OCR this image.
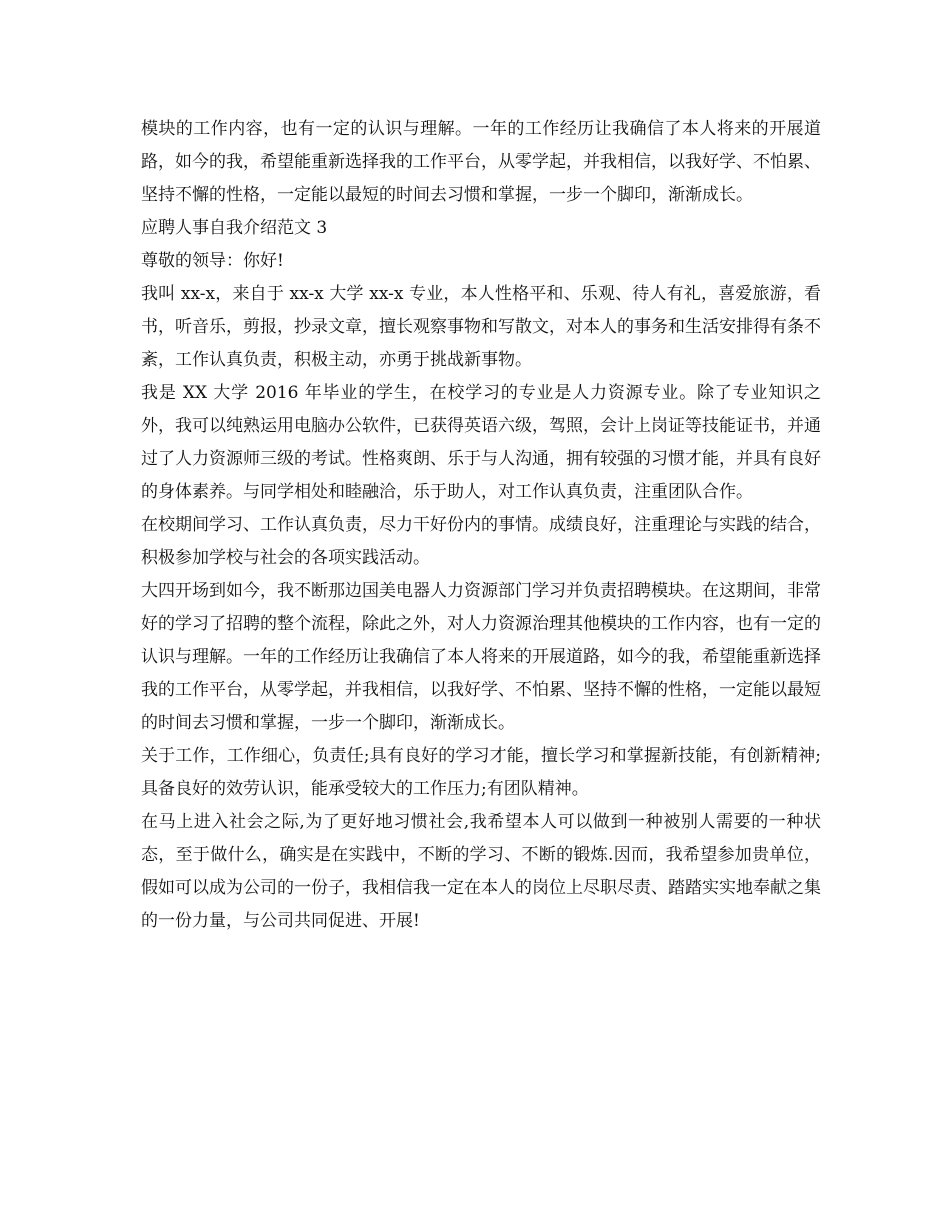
模块的工作内容，也有一定的认识与理解。一年的工作经历让我确信了本人将来的开展道路，如今的我，希望能重新选择我的工作平台，从零学起，并我相信，以我好学、不怕累、坚持不懈的性格，一定能以最短的时间去习惯和掌握，一步一个脚印，渐渐成长。

应聘人事自我介绍范文 3

尊敬的领导：你好!

我叫 xx-x，来自于 xx-x 大学 xx-x 专业，本人性格平和、乐观、待人有礼，喜爱旅游，看书，听音乐，剪报，抄录文章，擅长观察事物和写散文，对本人的事务和生活安排得有条不紊，工作认真负责，积极主动，亦勇于挑战新事物。

我是 XX 大学 2016 年毕业的学生，在校学习的专业是人力资源专业。除了专业知识之外，我可以纯熟运用电脑办公软件，已获得英语六级，驾照，会计上岗证等技能证书，并通过了人力资源师三级的考试。性格爽朗、乐于与人沟通，拥有较强的习惯才能，并具有良好的身体素养。与同学相处和睦融洽，乐于助人，对工作认真负责，注重团队合作。

在校期间学习、工作认真负责，尽力干好份内的事情。成绩良好，注重理论与实践的结合，积极参加学校与社会的各项实践活动。

大四开场到如今，我不断那边国美电器人力资源部门学习并负责招聘模块。在这期间，非常好的学习了招聘的整个流程，除此之外，对人力资源治理其他模块的工作内容，也有一定的认识与理解。一年的工作经历让我确信了本人将来的开展道路，如今的我，希望能重新选择我的工作平台，从零学起，并我相信，以我好学、不怕累、坚持不懈的性格，一定能以最短的时间去习惯和掌握，一步一个脚印，渐渐成长。

关于工作，工作细心，负责任;具有良好的学习才能，擅长学习和掌握新技能，有创新精神;具备良好的效劳认识，能承受较大的工作压力;有团队精神。

在马上进入社会之际,为了更好地习惯社会,我希望本人可以做到一种被别人需要的一种状态，至于做什么，确实是在实践中，不断的学习、不断的锻炼.因而，我希望参加贵单位，假如可以成为公司的一份子，我相信我一定在本人的岗位上尽职尽责、踏踏实实地奉献之集的一份力量，与公司共同促进、开展!
